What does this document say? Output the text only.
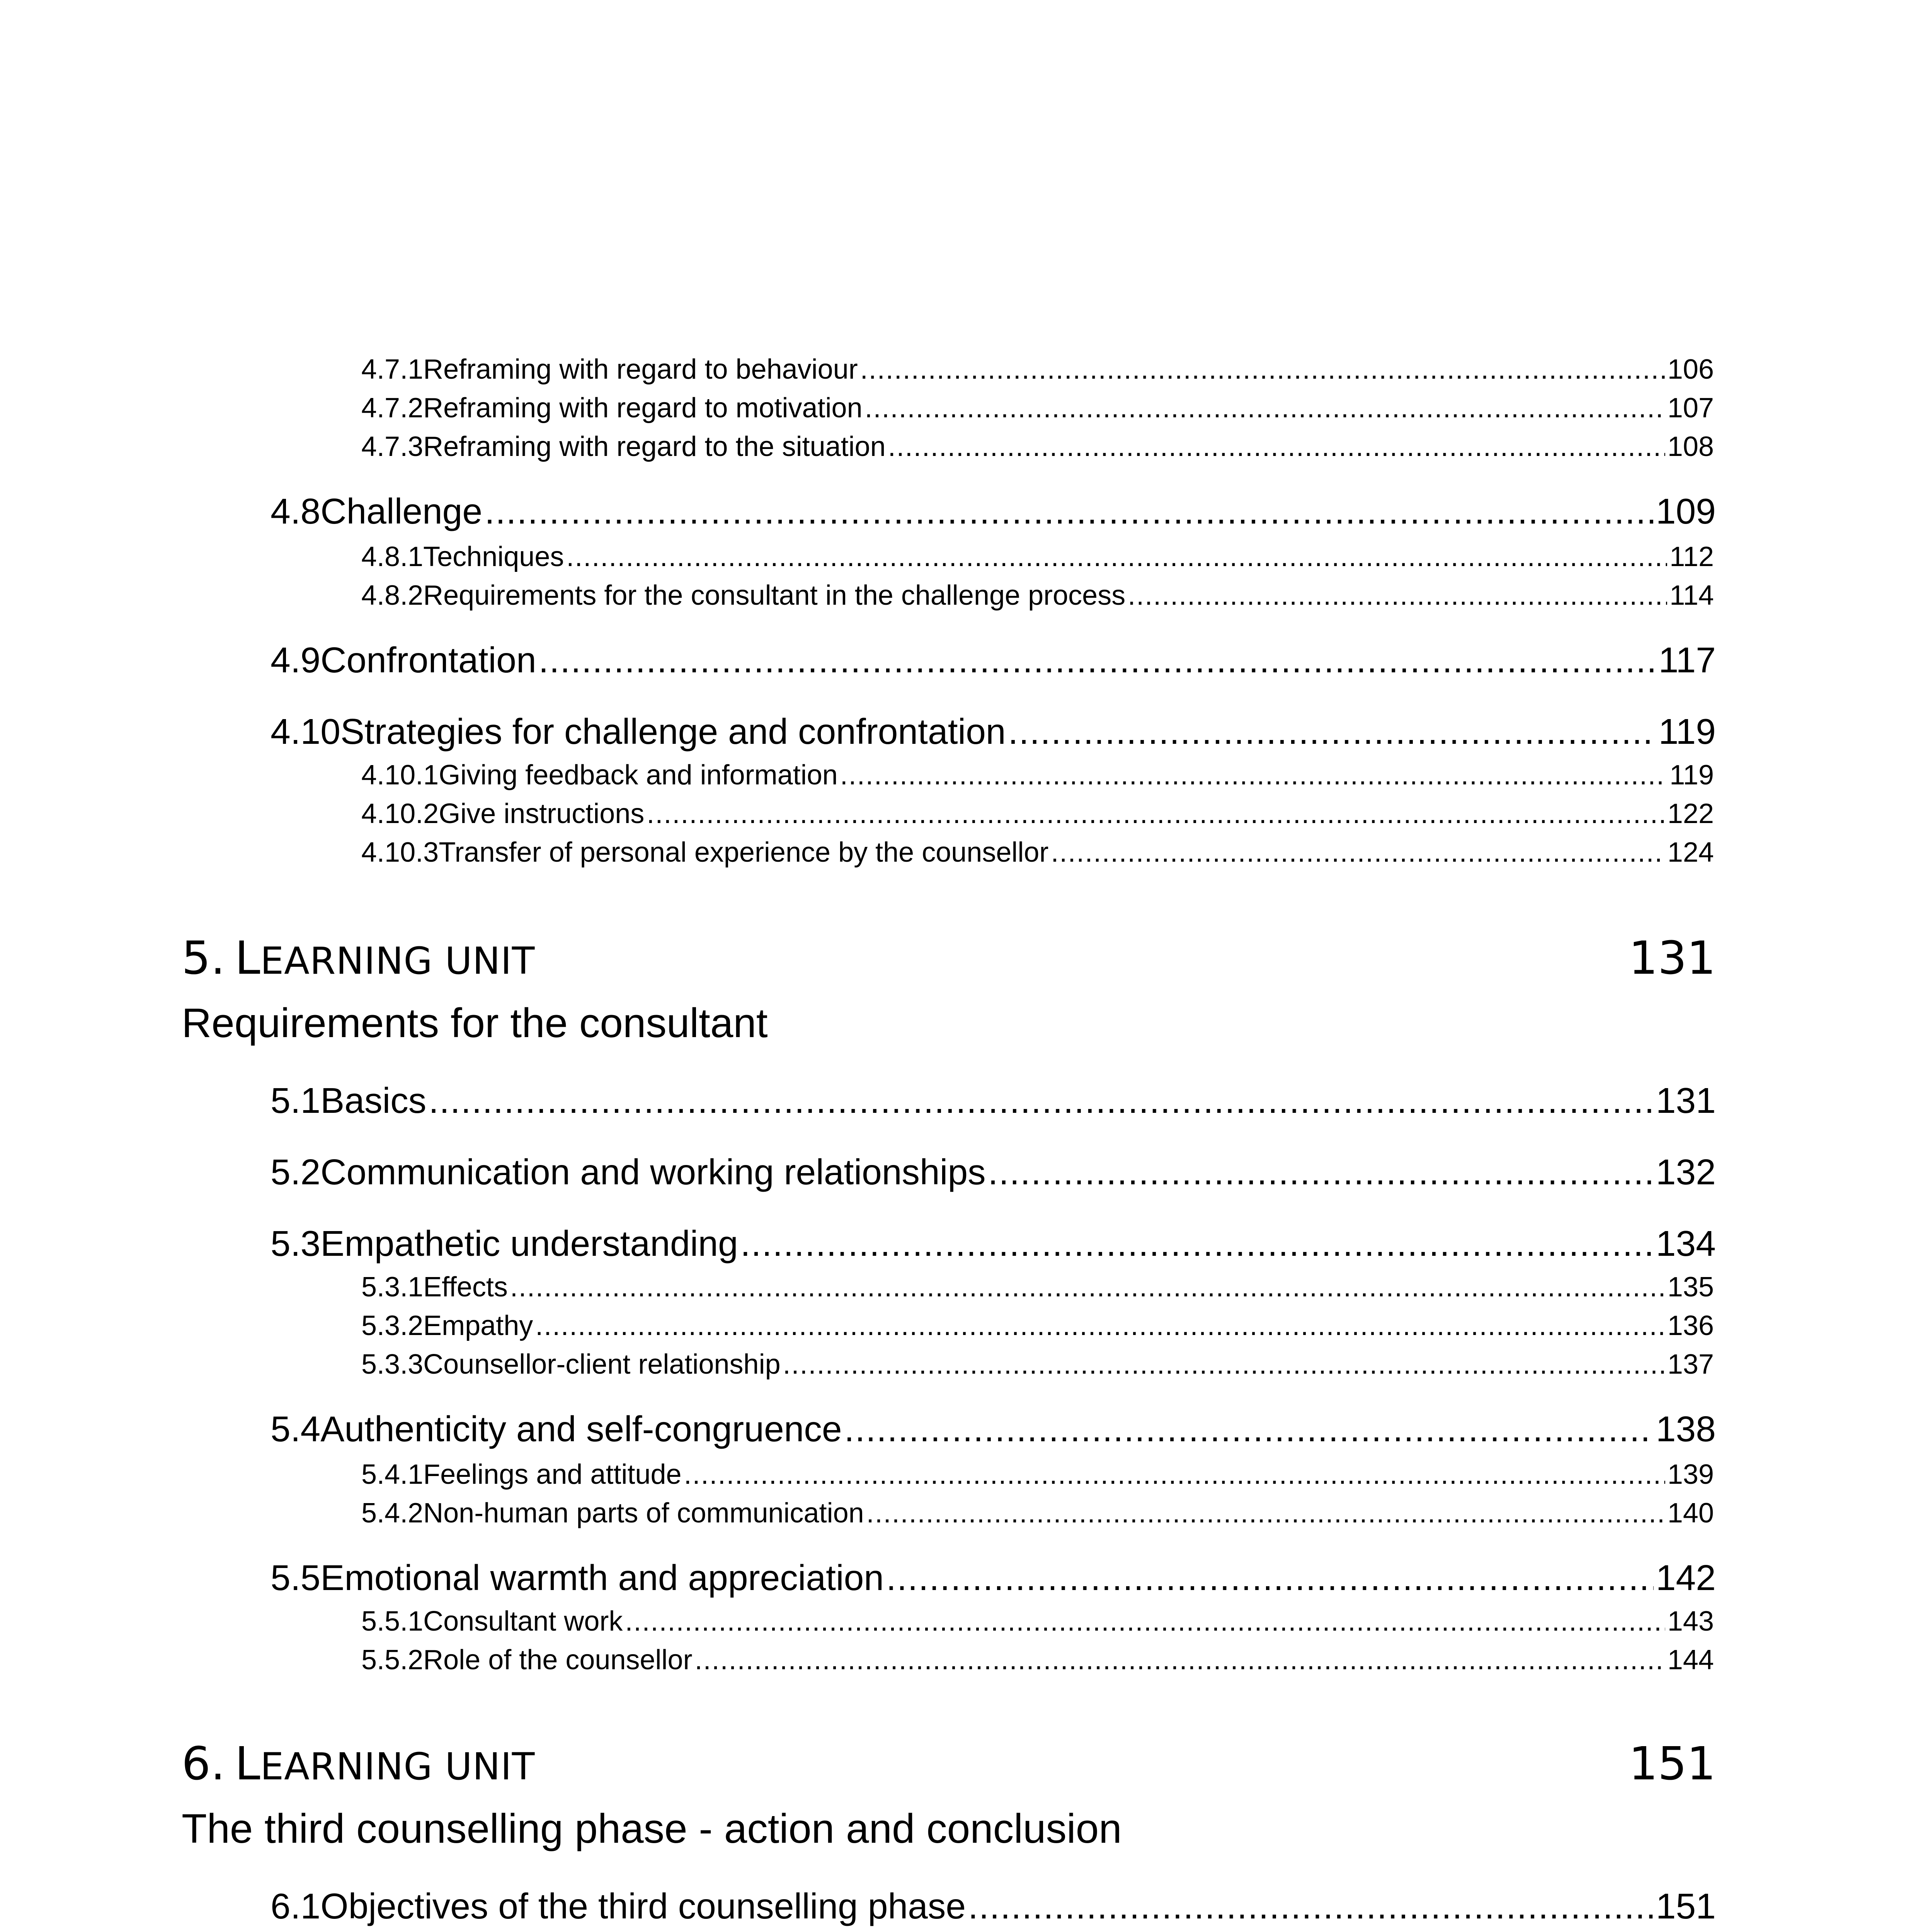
4.7.1 Reframing with regard to behaviour .....	106
4.7.2 Reframing with regard to motivation .....	107
4.7.3 Reframing with regard to the situation .....	108
4.8 Challenge .....	109
4.8.1 Techniques .....	112
4.8.2 Requirements for the consultant in the challenge process .....	114
4.9 Confrontation .....	117
4.10 Strategies for challenge and confrontation .....	119
4.10.1 Giving feedback and information .....	119
4.10.2 Give instructions .....	122
4.10.3 Transfer of personal experience by the counsellor .....	124
5. LEARNING UNIT	131
Requirements for the consultant
5.1 Basics .....	131
5.2 Communication and working relationships .....	132
5.3 Empathetic understanding .....	134
5.3.1 Effects .....	135
5.3.2 Empathy .....	136
5.3.3 Counsellor-client relationship .....	137
5.4 Authenticity and self-congruence .....	138
5.4.1 Feelings and attitude .....	139
5.4.2 Non-human parts of communication .....	140
5.5 Emotional warmth and appreciation .....	142
5.5.1 Consultant work .....	143
5.5.2 Role of the counsellor .....	144
6. LEARNING UNIT	151
The third counselling phase - action and conclusion
6.1 Objectives of the third counselling phase .....	151
